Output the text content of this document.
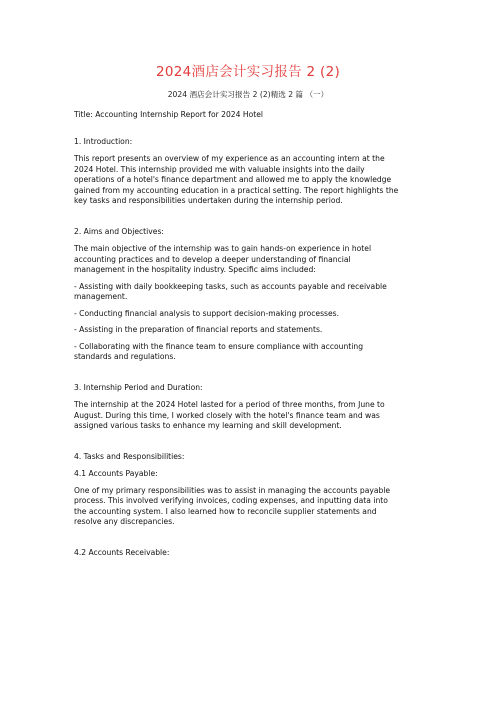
2024酒店会计实习报告 2 (2)
2024 酒店会计实习报告 2 (2)精选 2 篇 （一）

Title: Accounting Internship Report for 2024 Hotel

1. Introduction:

This report presents an overview of my experience as an accounting intern at the
2024 Hotel. This internship provided me with valuable insights into the daily
operations of a hotel's finance department and allowed me to apply the knowledge
gained from my accounting education in a practical setting. The report highlights the
key tasks and responsibilities undertaken during the internship period.

2. Aims and Objectives:

The main objective of the internship was to gain hands-on experience in hotel
accounting practices and to develop a deeper understanding of financial
management in the hospitality industry. Specific aims included:

- Assisting with daily bookkeeping tasks, such as accounts payable and receivable
management.

- Conducting financial analysis to support decision-making processes.

- Assisting in the preparation of financial reports and statements.

- Collaborating with the finance team to ensure compliance with accounting
standards and regulations.

3. Internship Period and Duration:

The internship at the 2024 Hotel lasted for a period of three months, from June to
August. During this time, I worked closely with the hotel's finance team and was
assigned various tasks to enhance my learning and skill development.

4. Tasks and Responsibilities:

4.1 Accounts Payable:

One of my primary responsibilities was to assist in managing the accounts payable
process. This involved verifying invoices, coding expenses, and inputting data into
the accounting system. I also learned how to reconcile supplier statements and
resolve any discrepancies.

4.2 Accounts Receivable:
